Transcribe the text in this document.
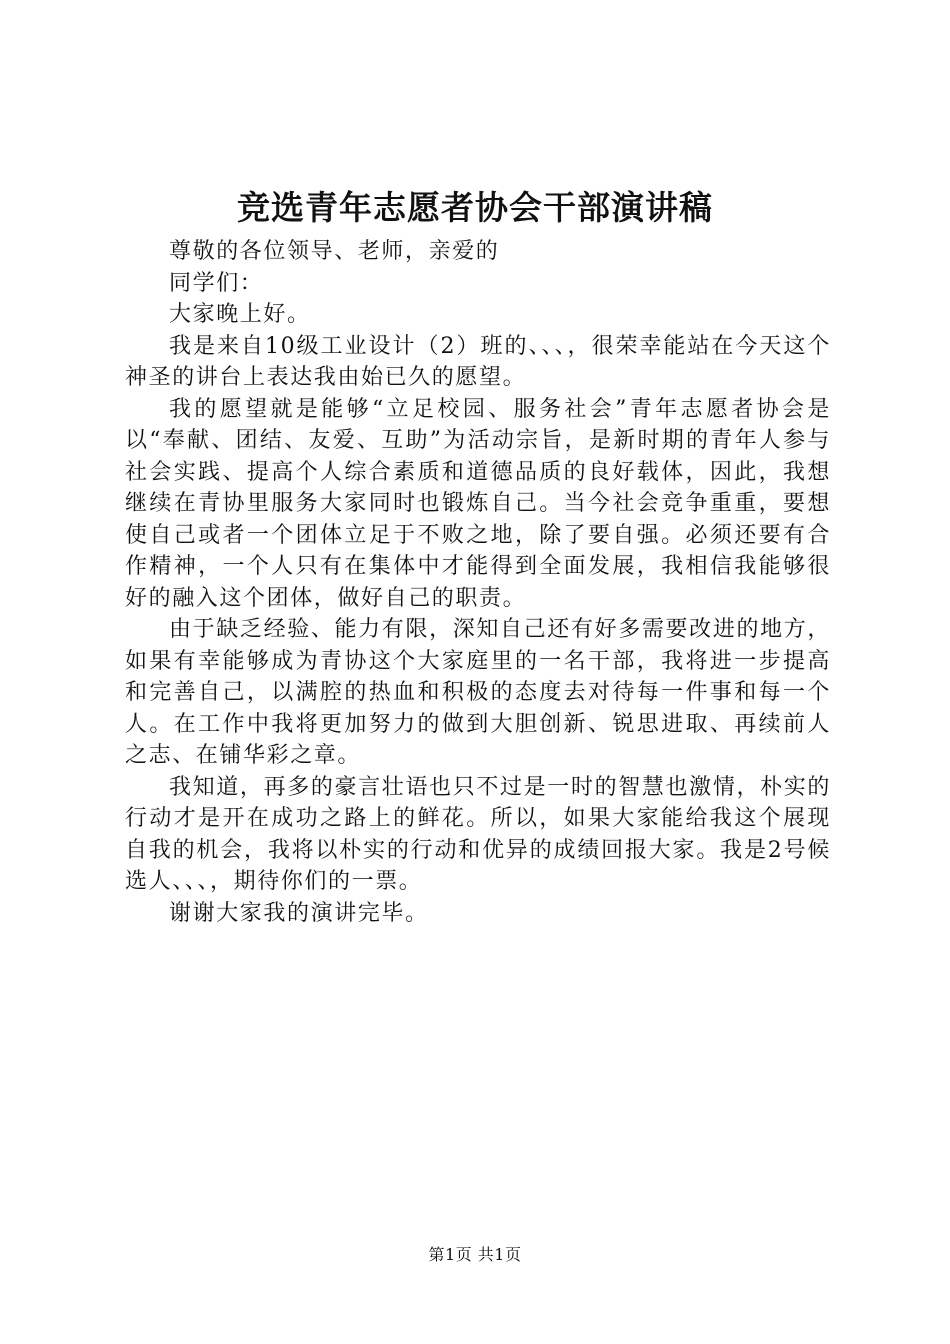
竞选青年志愿者协会干部演讲稿

尊敬的各位领导、老师，亲爱的

同学们：

大家晚上好。

我是来自10级工业设计（2）班的、、、，很荣幸能站在今天这个神圣的讲台上表达我由始已久的愿望。

我的愿望就是能够“立足校园、服务社会”青年志愿者协会是以“奉献、团结、友爱、互助”为活动宗旨，是新时期的青年人参与社会实践、提高个人综合素质和道德品质的良好载体，因此，我想继续在青协里服务大家同时也锻炼自己。当今社会竞争重重，要想使自己或者一个团体立足于不败之地，除了要自强。必须还要有合作精神，一个人只有在集体中才能得到全面发展，我相信我能够很好的融入这个团体，做好自己的职责。

由于缺乏经验、能力有限，深知自己还有好多需要改进的地方，如果有幸能够成为青协这个大家庭里的一名干部，我将进一步提高和完善自己，以满腔的热血和积极的态度去对待每一件事和每一个人。在工作中我将更加努力的做到大胆创新、锐思进取、再续前人之志、在铺华彩之章。

我知道，再多的豪言壮语也只不过是一时的智慧也激情，朴实的行动才是开在成功之路上的鲜花。所以，如果大家能给我这个展现自我的机会，我将以朴实的行动和优异的成绩回报大家。我是2号候选人、、、，期待你们的一票。

谢谢大家我的演讲完毕。

第1页 共1页
